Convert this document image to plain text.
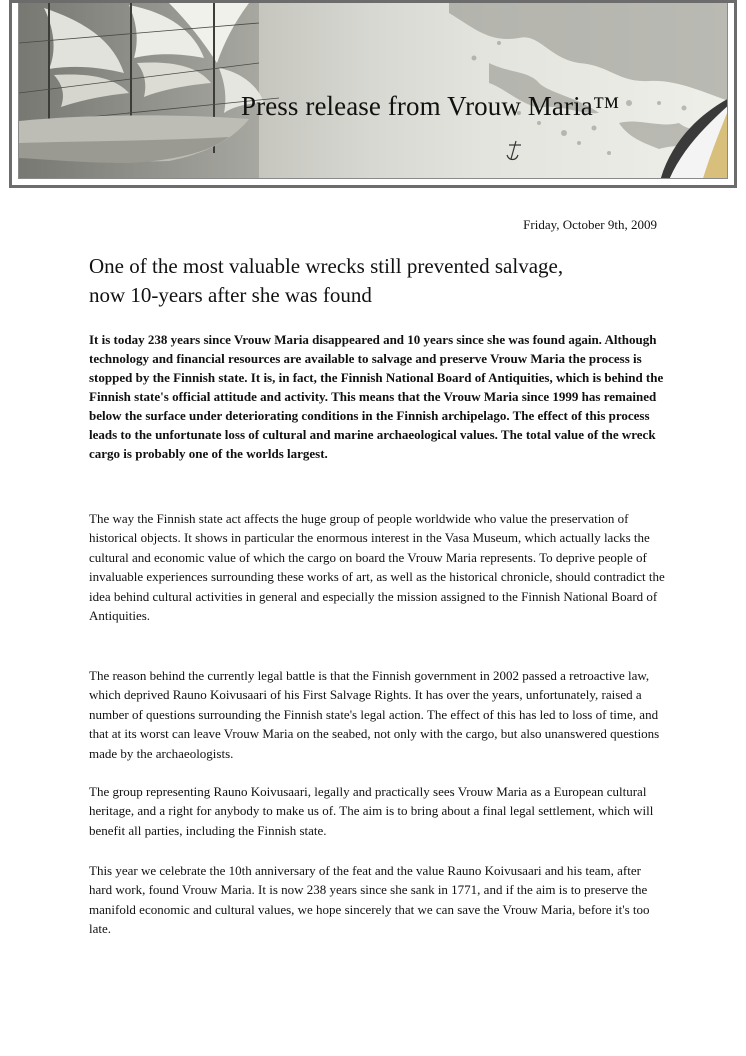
Press release from Vrouw Maria™
Friday, October 9th, 2009
One of the most valuable wrecks still prevented salvage,
now 10-years after she was found

It is today 238 years since Vrouw Maria disappeared and 10 years since she was found again. Although technology and financial resources are available to salvage and preserve Vrouw Maria the process is stopped by the Finnish state. It is, in fact, the Finnish National Board of Antiquities, which is behind the Finnish state's official attitude and activity. This means that the Vrouw Maria since 1999 has remained below the surface under deteriorating conditions in the Finnish archipelago. The effect of this process leads to the unfortunate loss of cultural and marine archaeological values. The total value of the wreck cargo is probably one of the worlds largest.

The way the Finnish state act affects the huge group of people worldwide who value the preservation of historical objects. It shows in particular the enormous interest in the Vasa Museum, which actually lacks the cultural and economic value of which the cargo on board the Vrouw Maria represents. To deprive people of invaluable experiences surrounding these works of art, as well as the historical chronicle, should contradict the idea behind cultural activities in general and especially the mission assigned to the Finnish National Board of Antiquities.

The reason behind the currently legal battle is that the Finnish government in 2002 passed a retroactive law, which deprived Rauno Koivusaari of his First Salvage Rights. It has over the years, unfortunately, raised a number of questions surrounding the Finnish state's legal action. The effect of this has led to loss of time, and that at its worst can leave Vrouw Maria on the seabed, not only with the cargo, but also unanswered questions made by the archaeologists.

The group representing Rauno Koivusaari, legally and practically sees Vrouw Maria as a European cultural heritage, and a right for anybody to make us of. The aim is to bring about a final legal settlement, which will benefit all parties, including the Finnish state.

This year we celebrate the 10th anniversary of the feat and the value Rauno Koivusaari and his team, after hard work, found Vrouw Maria. It is now 238 years since she sank in 1771, and if the aim is to preserve the manifold economic and cultural values, we hope sincerely that we can save the Vrouw Maria, before it's too late.
